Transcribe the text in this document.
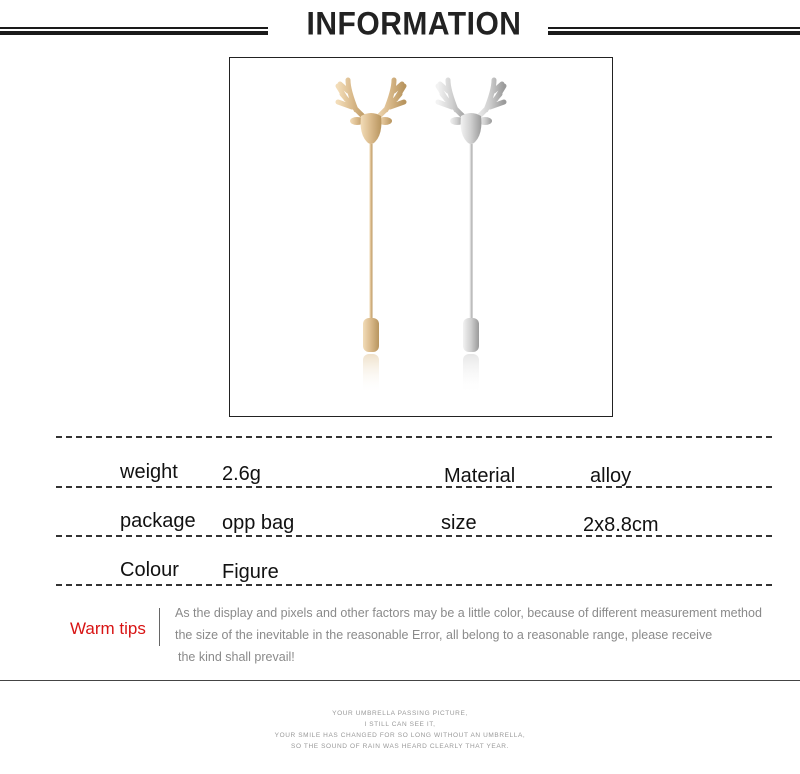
INFORMATION
weight 2.6g	Material	alloy
package opp bag	size	2x8.8cm
Colour Figure
Warm tips
As the display and pixels and other factors may be a little color, because of different measurement method
the size of the inevitable in the reasonable Error, all belong to a reasonable range, please receive
the kind shall prevail!
YOUR UMBRELLA PASSING PICTURE,
I STILL CAN SEE IT,
YOUR SMILE HAS CHANGED FOR SO LONG WITHOUT AN UMBRELLA,
SO THE SOUND OF RAIN WAS HEARD CLEARLY THAT YEAR.
